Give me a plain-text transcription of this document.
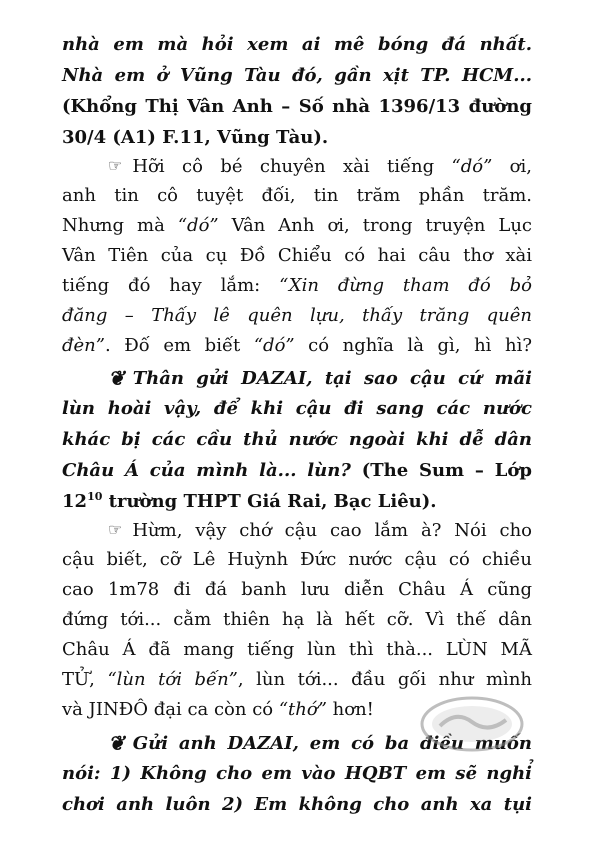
nhà em mà hỏi xem ai mê bóng đá nhất.
Nhà em ở Vũng Tàu đó, gần xịt TP. HCM...
(Khổng Thị Vân Anh – Số nhà 1396/13 đường
30/4 (A1) F.11, Vũng Tàu).
☞ Hỡi cô bé chuyên xài tiếng “dó” ơi,
anh tin cô tuyệt đối, tin trăm phần trăm.
Nhưng mà “dó” Vân Anh ơi, trong truyện Lục
Vân Tiên của cụ Đồ Chiểu có hai câu thơ xài
tiếng đó hay lắm: “Xin đừng tham đó bỏ
đăng – Thấy lê quên lựu, thấy trăng quên
đèn”. Đố em biết “dó” có nghĩa là gì, hì hì?
❦ Thân gửi DAZAI, tại sao cậu cứ mãi
lùn hoài vậy, để khi cậu đi sang các nước
khác bị các cầu thủ nước ngoài khi dễ dân
Châu Á của mình là... lùn? (The Sum – Lớp
$12^{10}$ trường THPT Giá Rai, Bạc Liêu).
☞ Hừm, vậy chớ cậu cao lắm à? Nói cho
cậu biết, cỡ Lê Huỳnh Đức nước cậu có chiều
cao 1m78 đi đá banh lưu diễn Châu Á cũng
đứng tới... cằm thiên hạ là hết cỡ. Vì thế dân
Châu Á đã mang tiếng lùn thì thà... LÙN MÃ
TỬ, “lùn tới bến”, lùn tới... đầu gối như mình
và JINĐÔ đại ca còn có “thớ” hơn!
❦ Gửi anh DAZAI, em có ba điều muốn
nói: 1) Không cho em vào HQBT em sẽ nghỉ
chơi anh luôn 2) Em không cho anh xa tụi
